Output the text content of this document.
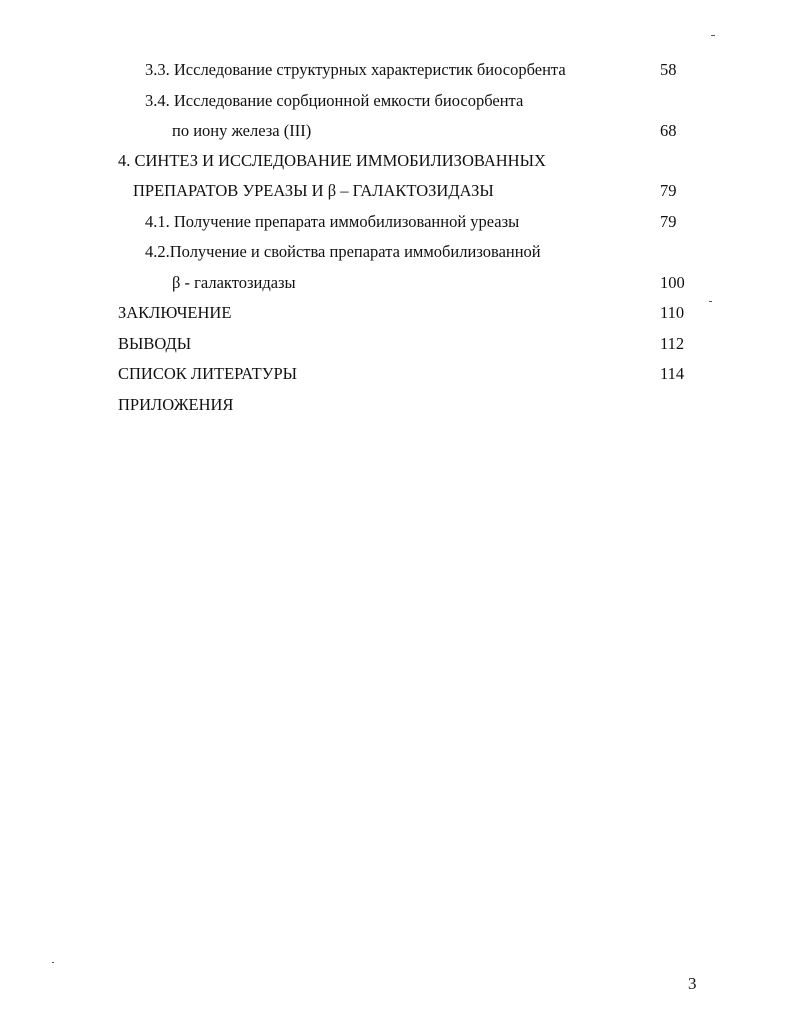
3.3. Исследование структурных характеристик биосорбента	58
3.4. Исследование сорбционной емкости биосорбента
по иону железа (III)	68
4. СИНТЕЗ И ИССЛЕДОВАНИЕ ИММОБИЛИЗОВАННЫХ
ПРЕПАРАТОВ УРЕАЗЫ И β – ГАЛАКТОЗИДАЗЫ	79
4.1. Получение препарата иммобилизованной уреазы	79
4.2.Получение и свойства препарата иммобилизованной
β - галактозидазы	100
ЗАКЛЮЧЕНИЕ	110
ВЫВОДЫ	112
СПИСОК ЛИТЕРАТУРЫ	114
ПРИЛОЖЕНИЯ
3
